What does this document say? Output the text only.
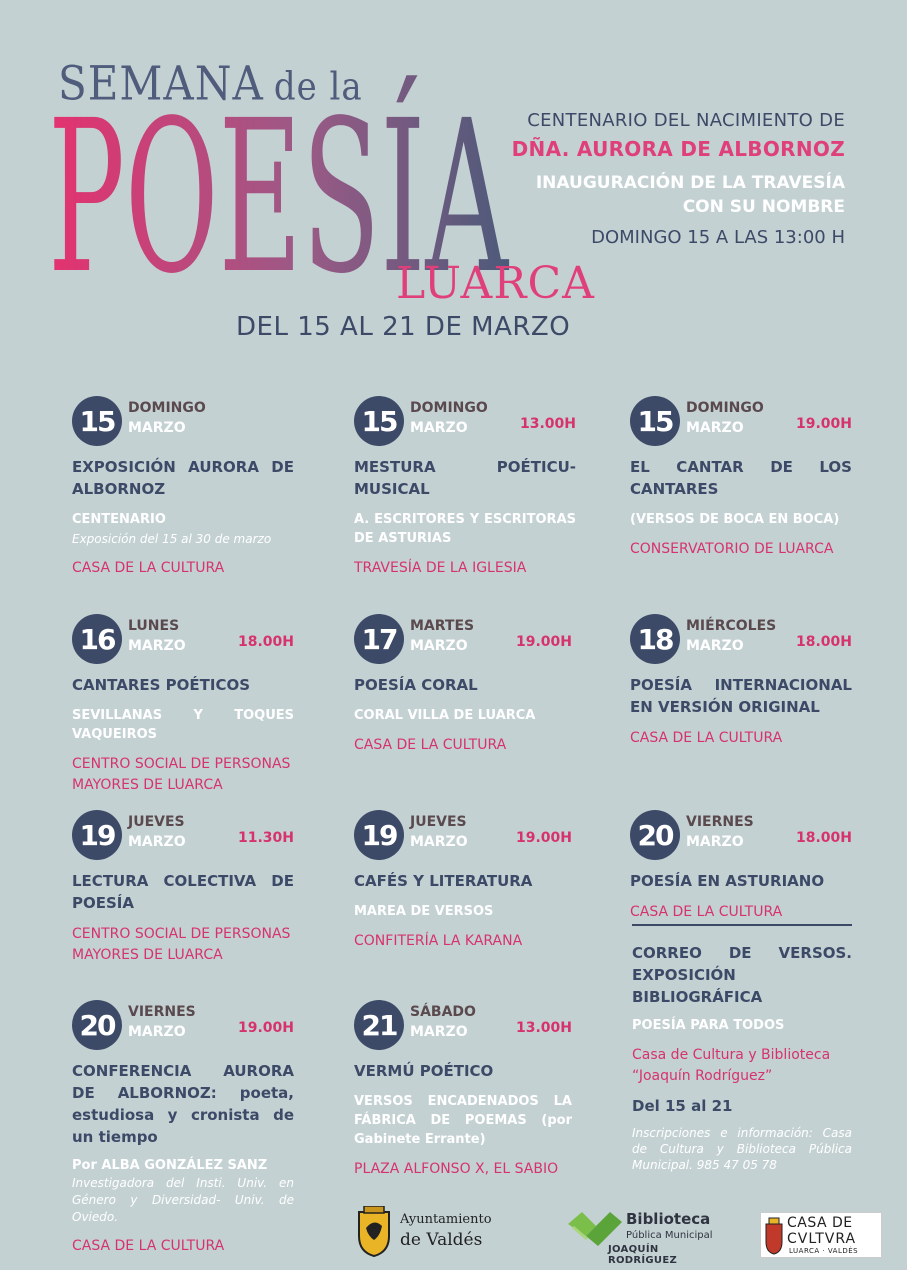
SEMANA de la
POESÍA
LUARCA
DEL 15 AL 21 DE MARZO
CENTENARIO DEL NACIMIENTO DE
DÑA. AURORA DE ALBORNOZ
INAUGURACIÓN DE LA TRAVESÍA
CON SU NOMBRE
DOMINGO 15 A LAS 13:00 H
15 DOMINGO
MARZO
EXPOSICIÓN AURORA DE ALBORNOZ
CENTENARIO
Exposición del 15 al 30 de marzo
CASA DE LA CULTURA
15 DOMINGO
MARZO	13.00H
MESTURA POÉTICU-MUSICAL
A. ESCRITORES Y ESCRITORAS DE ASTURIAS
TRAVESÍA DE LA IGLESIA
15 DOMINGO
MARZO	19.00H
EL CANTAR DE LOS CANTARES
(VERSOS DE BOCA EN BOCA)
CONSERVATORIO DE LUARCA
16 LUNES
MARZO	18.00H
CANTARES POÉTICOS
SEVILLANAS Y TOQUES VAQUEIROS
CENTRO SOCIAL DE PERSONAS MAYORES DE LUARCA
17 MARTES
MARZO	19.00H
POESÍA CORAL
CORAL VILLA DE LUARCA
CASA DE LA CULTURA
18 MIÉRCOLES
MARZO	18.00H
POESÍA INTERNACIONAL EN VERSIÓN ORIGINAL
CASA DE LA CULTURA
19 JUEVES
MARZO	11.30H
LECTURA COLECTIVA DE POESÍA
CENTRO SOCIAL DE PERSONAS MAYORES DE LUARCA
19 JUEVES
MARZO	19.00H
CAFÉS Y LITERATURA
MAREA DE VERSOS
CONFITERÍA LA KARANA
20 VIERNES
MARZO	18.00H
POESÍA EN ASTURIANO
CASA DE LA CULTURA
20 VIERNES
MARZO	19.00H
CONFERENCIA AURORA DE ALBORNOZ: poeta, estudiosa y cronista de un tiempo
Por ALBA GONZÁLEZ SANZ
Investigadora del Insti. Univ. en Género y Diversidad- Univ. de Oviedo.
CASA DE LA CULTURA
21 SÁBADO
MARZO	13.00H
VERMÚ POÉTICO
VERSOS ENCADENADOS LA FÁBRICA DE POEMAS (por Gabinete Errante)
PLAZA ALFONSO X, EL SABIO
CORREO DE VERSOS. EXPOSICIÓN BIBLIOGRÁFICA
POESÍA PARA TODOS
Casa de Cultura y Biblioteca “Joaquín Rodríguez”
Del 15 al 21
Inscripciones e información: Casa de Cultura y Biblioteca Pública Municipal. 985 47 05 78
Ayuntamiento
de Valdés
Biblioteca
Pública Municipal
JOAQUÍN RODRÍGUEZ
CASA DE
CVLTVRA
LUARCA · VALDÉS
